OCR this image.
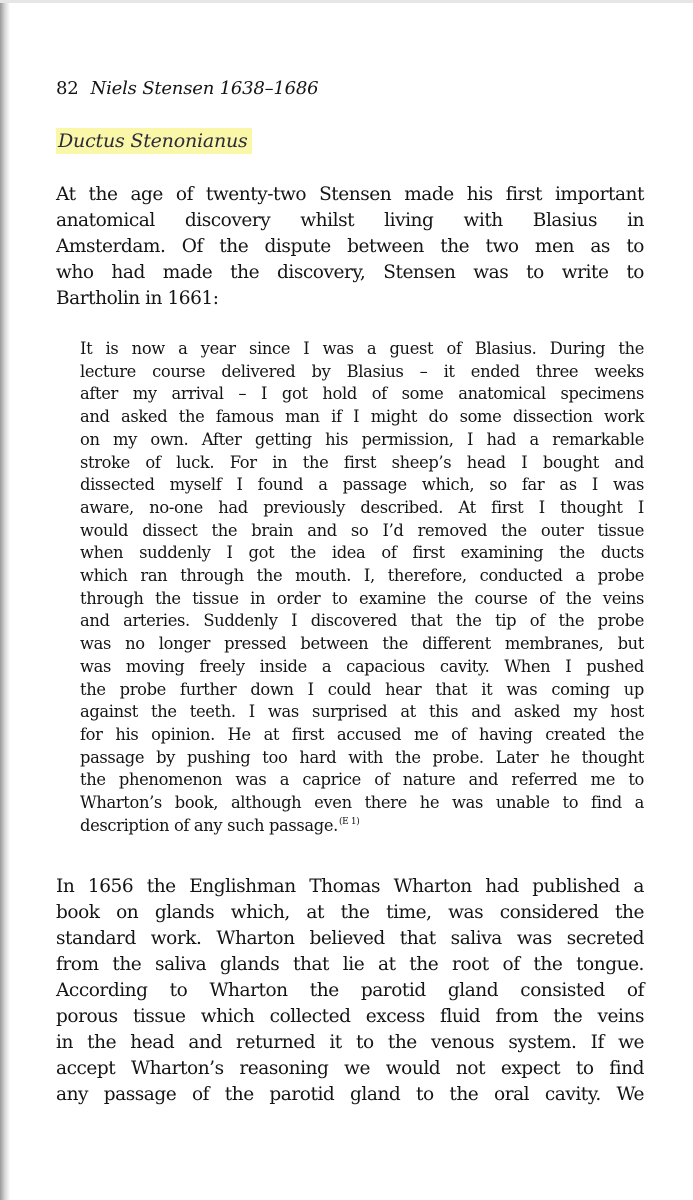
82 Niels Stensen 1638–1686
Ductus Stenonianus
At the age of twenty-two Stensen made his first important
anatomical discovery whilst living with Blasius in
Amsterdam. Of the dispute between the two men as to
who had made the discovery, Stensen was to write to
Bartholin in 1661:
It is now a year since I was a guest of Blasius. During the
lecture course delivered by Blasius – it ended three weeks
after my arrival – I got hold of some anatomical specimens
and asked the famous man if I might do some dissection work
on my own. After getting his permission, I had a remarkable
stroke of luck. For in the first sheep’s head I bought and
dissected myself I found a passage which, so far as I was
aware, no-one had previously described. At first I thought I
would dissect the brain and so I’d removed the outer tissue
when suddenly I got the idea of first examining the ducts
which ran through the mouth. I, therefore, conducted a probe
through the tissue in order to examine the course of the veins
and arteries. Suddenly I discovered that the tip of the probe
was no longer pressed between the different membranes, but
was moving freely inside a capacious cavity. When I pushed
the probe further down I could hear that it was coming up
against the teeth. I was surprised at this and asked my host
for his opinion. He at first accused me of having created the
passage by pushing too hard with the probe. Later he thought
the phenomenon was a caprice of nature and referred me to
Wharton’s book, although even there he was unable to find a
description of any such passage.$^{(E 1)}$
In 1656 the Englishman Thomas Wharton had published a
book on glands which, at the time, was considered the
standard work. Wharton believed that saliva was secreted
from the saliva glands that lie at the root of the tongue.
According to Wharton the parotid gland consisted of
porous tissue which collected excess fluid from the veins
in the head and returned it to the venous system. If we
accept Wharton’s reasoning we would not expect to find
any passage of the parotid gland to the oral cavity. We
